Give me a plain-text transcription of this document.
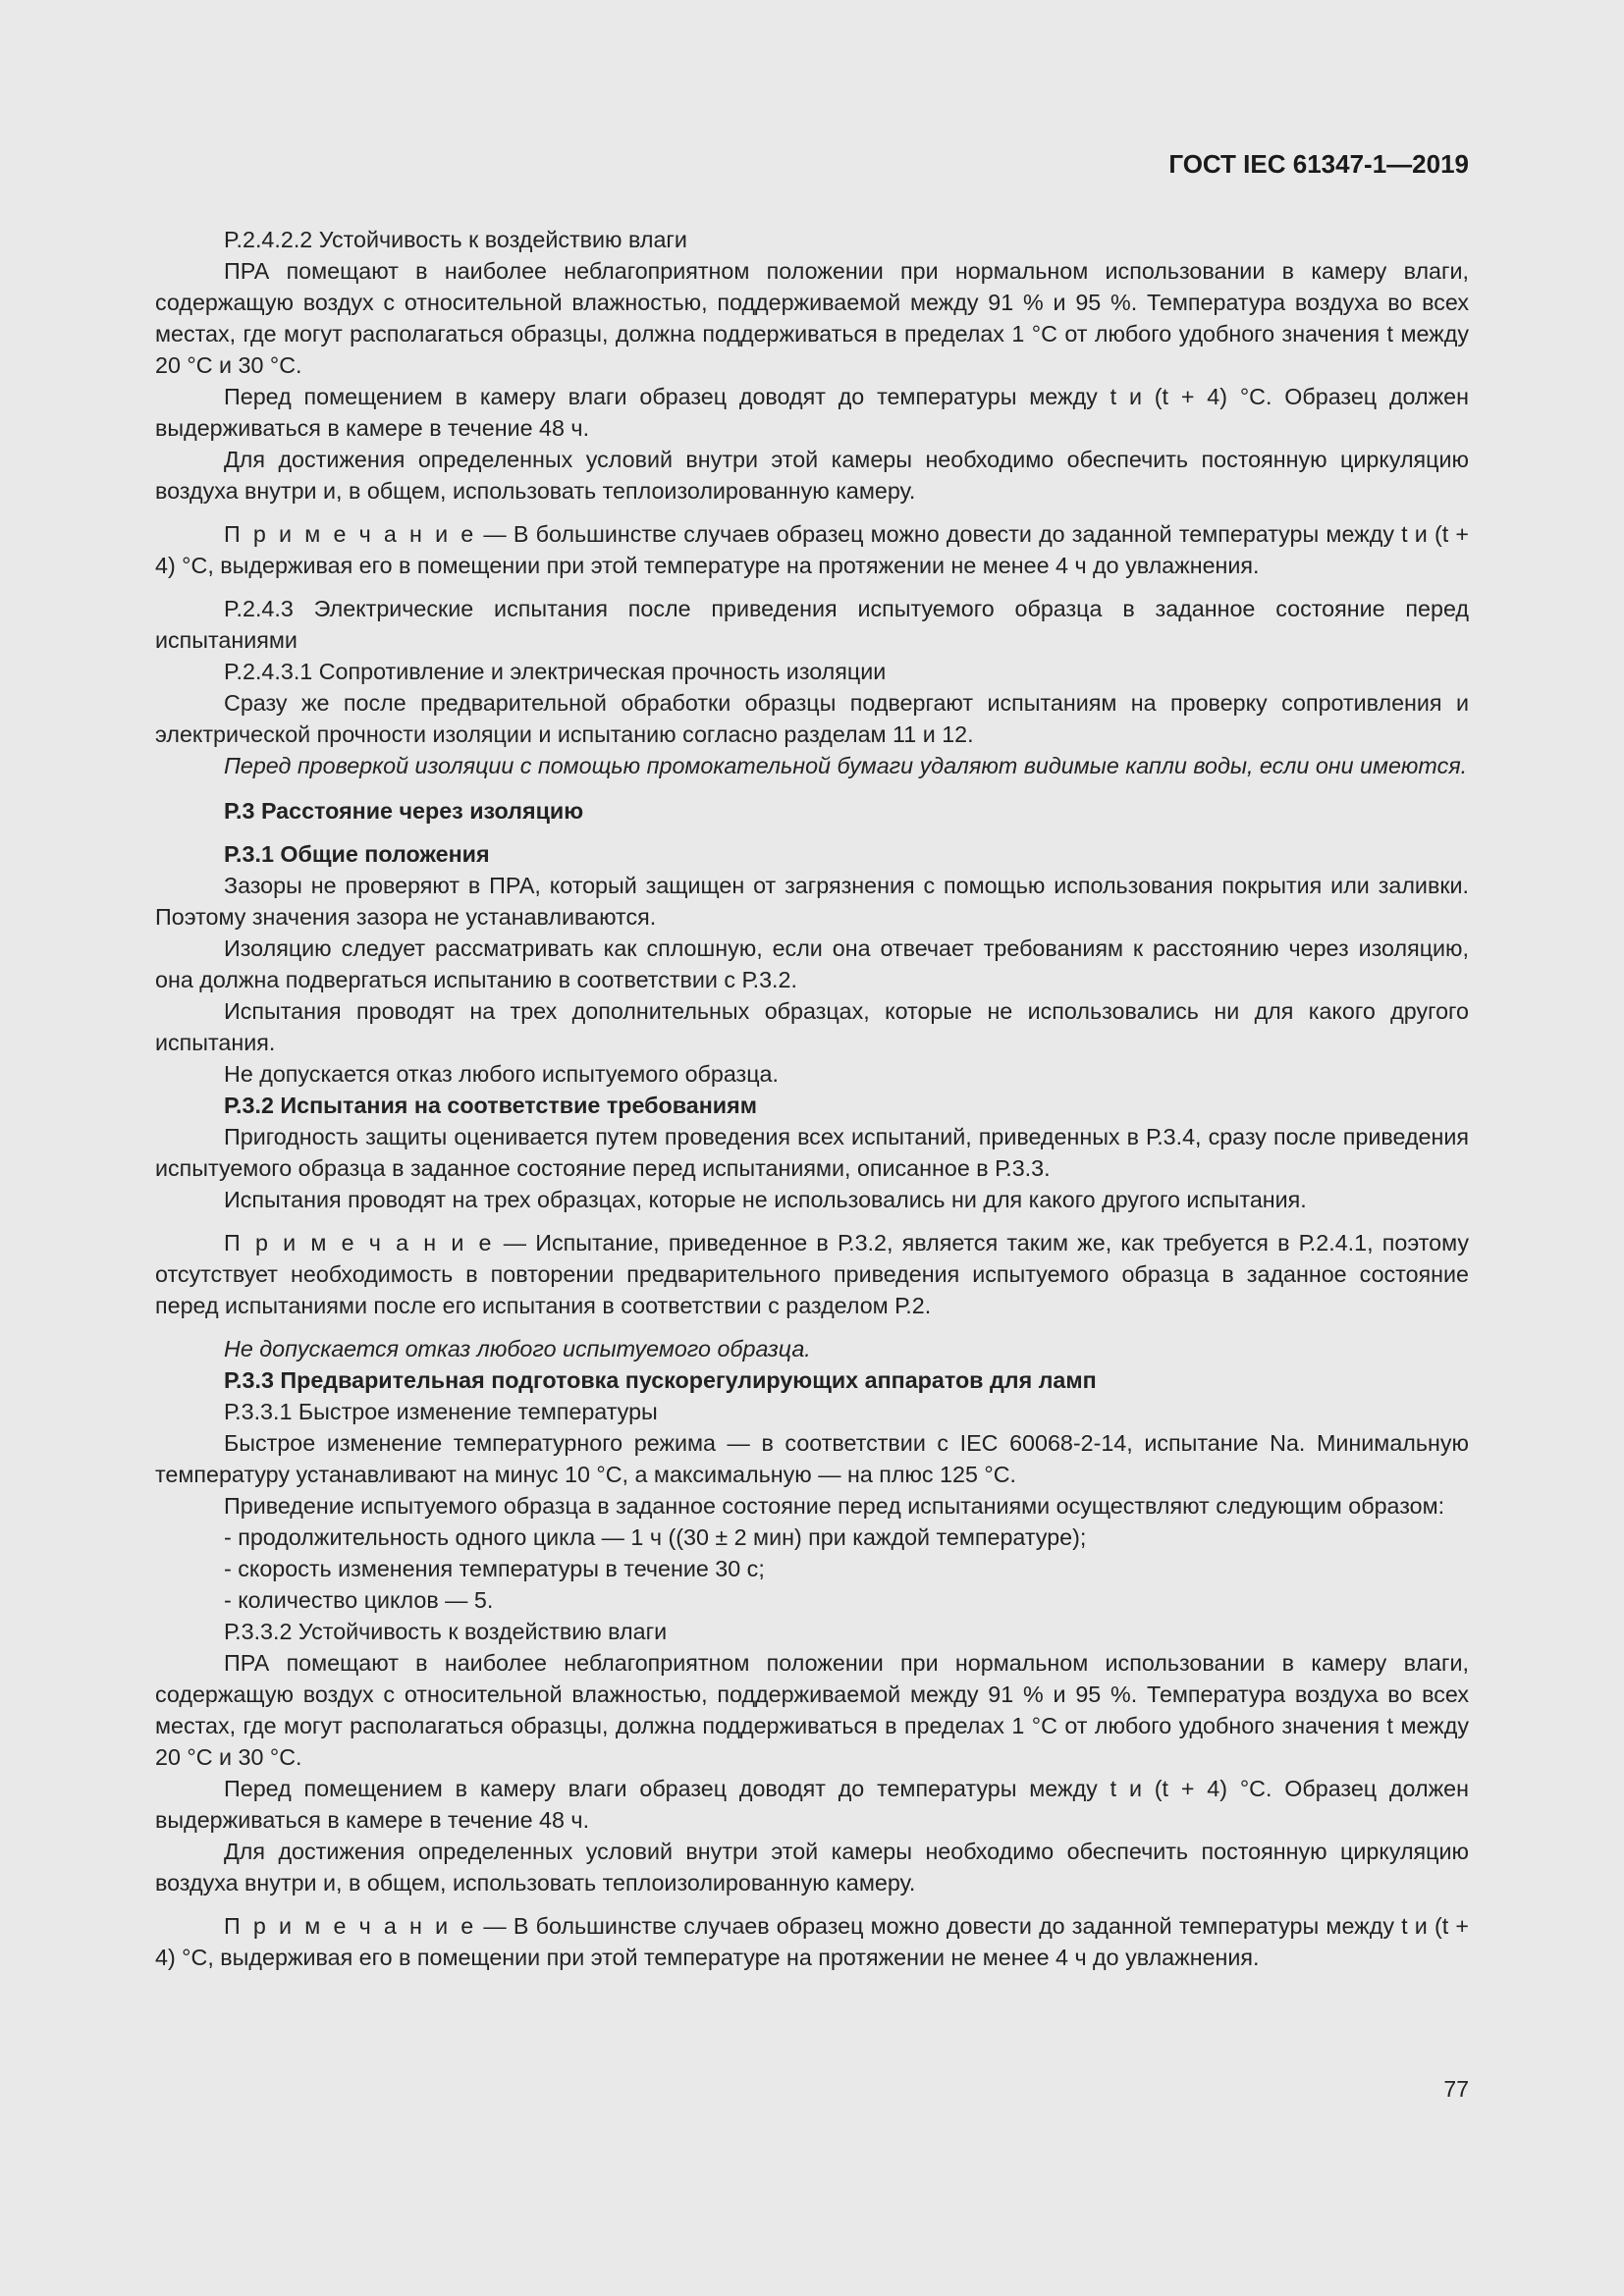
ГОСТ IEC 61347-1—2019

P.2.4.2.2 Устойчивость к воздействию влаги

ПРА помещают в наиболее неблагоприятном положении при нормальном использовании в камеру влаги, содержащую воздух с относительной влажностью, поддерживаемой между 91 % и 95 %. Температура воздуха во всех местах, где могут располагаться образцы, должна поддерживаться в пределах 1 °С от любого удобного значения t между 20 °С и 30 °С.

Перед помещением в камеру влаги образец доводят до температуры между t и (t + 4) °С. Образец должен выдерживаться в камере в течение 48 ч.

Для достижения определенных условий внутри этой камеры необходимо обеспечить постоянную циркуляцию воздуха внутри и, в общем, использовать теплоизолированную камеру.

П р и м е ч а н и е — В большинстве случаев образец можно довести до заданной температуры между t и (t + 4) °С, выдерживая его в помещении при этой температуре на протяжении не менее 4 ч до увлажнения.

P.2.4.3 Электрические испытания после приведения испытуемого образца в заданное состояние перед испытаниями

P.2.4.3.1 Сопротивление и электрическая прочность изоляции

Сразу же после предварительной обработки образцы подвергают испытаниям на проверку сопротивления и электрической прочности изоляции и испытанию согласно разделам 11 и 12.

Перед проверкой изоляции с помощью промокательной бумаги удаляют видимые капли воды, если они имеются.

Р.3 Расстояние через изоляцию

Р.3.1 Общие положения

Зазоры не проверяют в ПРА, который защищен от загрязнения с помощью использования покрытия или заливки. Поэтому значения зазора не устанавливаются.

Изоляцию следует рассматривать как сплошную, если она отвечает требованиям к расстоянию через изоляцию, она должна подвергаться испытанию в соответствии с Р.3.2.

Испытания проводят на трех дополнительных образцах, которые не использовались ни для какого другого испытания.

Не допускается отказ любого испытуемого образца.

Р.3.2 Испытания на соответствие требованиям

Пригодность защиты оценивается путем проведения всех испытаний, приведенных в Р.3.4, сразу после приведения испытуемого образца в заданное состояние перед испытаниями, описанное в Р.3.3.

Испытания проводят на трех образцах, которые не использовались ни для какого другого испытания.

П р и м е ч а н и е — Испытание, приведенное в Р.3.2, является таким же, как требуется в Р.2.4.1, поэтому отсутствует необходимость в повторении предварительного приведения испытуемого образца в заданное состояние перед испытаниями после его испытания в соответствии с разделом Р.2.

Не допускается отказ любого испытуемого образца.

Р.3.3 Предварительная подготовка пускорегулирующих аппаратов для ламп

Р.3.3.1 Быстрое изменение температуры

Быстрое изменение температурного режима — в соответствии с IEC 60068-2-14, испытание Na. Минимальную температуру устанавливают на минус 10 °С, а максимальную — на плюс 125 °С.

Приведение испытуемого образца в заданное состояние перед испытаниями осуществляют следующим образом:

- продолжительность одного цикла — 1 ч ((30 ± 2 мин) при каждой температуре);

- скорость изменения температуры в течение 30 с;

- количество циклов — 5.

Р.3.3.2 Устойчивость к воздействию влаги

ПРА помещают в наиболее неблагоприятном положении при нормальном использовании в камеру влаги, содержащую воздух с относительной влажностью, поддерживаемой между 91 % и 95 %. Температура воздуха во всех местах, где могут располагаться образцы, должна поддерживаться в пределах 1 °С от любого удобного значения t между 20 °С и 30 °С.

Перед помещением в камеру влаги образец доводят до температуры между t и (t + 4) °С. Образец должен выдерживаться в камере в течение 48 ч.

Для достижения определенных условий внутри этой камеры необходимо обеспечить постоянную циркуляцию воздуха внутри и, в общем, использовать теплоизолированную камеру.

П р и м е ч а н и е — В большинстве случаев образец можно довести до заданной температуры между t и (t + 4) °С, выдерживая его в помещении при этой температуре на протяжении не менее 4 ч до увлажнения.

77
